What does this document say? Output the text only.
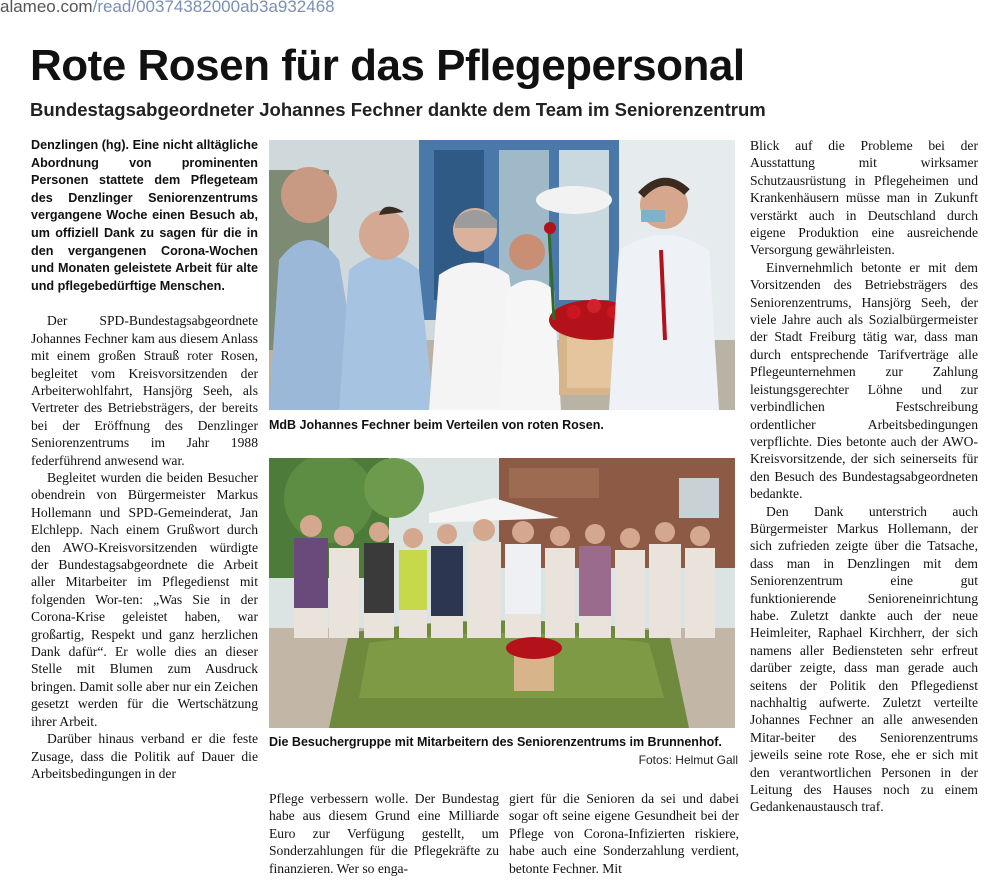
alameo.com/read/00374382000ab3a932468
Rote Rosen für das Pflegepersonal
Bundestagsabgeordneter Johannes Fechner dankte dem Team im Seniorenzentrum

Denzlingen (hg). Eine nicht alltägliche Abordnung von prominenten Personen stattete dem Pflegeteam des Denzlinger Seniorenzentrums vergangene Woche einen Besuch ab, um offiziell Dank zu sagen für die in den vergangenen Corona-Wochen und Monaten geleistete Arbeit für alte und pflegebedürftige Menschen.

Der SPD-Bundestagsabgeordnete Johannes Fechner kam aus diesem Anlass mit einem großen Strauß roter Rosen, begleitet vom Kreisvorsitzenden der Arbeiterwohlfahrt, Hansjörg Seeh, als Vertreter des Betriebsträgers, der bereits bei der Eröffnung des Denzlinger Seniorenzentrums im Jahr 1988 federführend anwesend war.

Begleitet wurden die beiden Besucher obendrein von Bürgermeister Markus Hollemann und SPD-Gemeinderat, Jan Elchlepp. Nach einem Grußwort durch den AWO-Kreisvorsitzenden würdigte der Bundestagsabgeordnete die Arbeit aller Mitarbeiter im Pflegedienst mit folgenden Wor-ten: „Was Sie in der Corona-Krise geleistet haben, war großartig, Respekt und ganz herzlichen Dank dafür“. Er wolle dies an dieser Stelle mit Blumen zum Ausdruck bringen. Damit solle aber nur ein Zeichen gesetzt werden für die Wertschätzung ihrer Arbeit.

Darüber hinaus verband er die feste Zusage, dass die Politik auf Dauer die Arbeitsbedingungen in der

MdB Johannes Fechner beim Verteilen von roten Rosen.
Die Besuchergruppe mit Mitarbeitern des Seniorenzentrums im Brunnenhof.
Fotos: Helmut Gall

Pflege verbessern wolle. Der Bundestag habe aus diesem Grund eine Milliarde Euro zur Verfügung gestellt, um Sonderzahlungen für die Pflegekräfte zu finanzieren. Wer so enga-

giert für die Senioren da sei und dabei sogar oft seine eigene Gesundheit bei der Pflege von Corona-Infizierten riskiere, habe auch eine Sonderzahlung verdient, betonte Fechner. Mit

Blick auf die Probleme bei der Ausstattung mit wirksamer Schutzausrüstung in Pflegeheimen und Krankenhäusern müsse man in Zukunft verstärkt auch in Deutschland durch eigene Produktion eine ausreichende Versorgung gewährleisten.

Einvernehmlich betonte er mit dem Vorsitzenden des Betriebsträgers des Seniorenzentrums, Hansjörg Seeh, der viele Jahre auch als Sozialbürgermeister der Stadt Freiburg tätig war, dass man durch entsprechende Tarifverträge alle Pflegeunternehmen zur Zahlung leistungsgerechter Löhne und zur verbindlichen Festschreibung ordentlicher Arbeitsbedingungen verpflichte. Dies betonte auch der AWO-Kreisvorsitzende, der sich seinerseits für den Besuch des Bundestagsabgeordneten bedankte.

Den Dank unterstrich auch Bürgermeister Markus Hollemann, der sich zufrieden zeigte über die Tatsache, dass man in Denzlingen mit dem Seniorenzentrum eine gut funktionierende Senioreneinrichtung habe. Zuletzt dankte auch der neue Heimleiter, Raphael Kirchherr, der sich namens aller Bediensteten sehr erfreut darüber zeigte, dass man gerade auch seitens der Politik den Pflegedienst nachhaltig aufwerte. Zuletzt verteilte Johannes Fechner an alle anwesenden Mitar-beiter des Seniorenzentrums jeweils seine rote Rose, ehe er sich mit den verantwortlichen Personen in der Leitung des Hauses noch zu einem Gedankenaustausch traf.
